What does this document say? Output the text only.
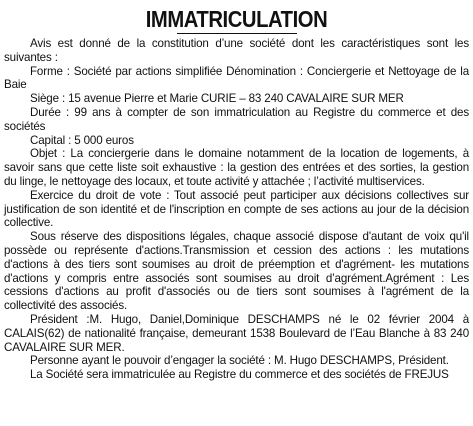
IMMATRICULATION

Avis est donné de la constitution d’une société dont les caractéristiques sont les suivantes :

Forme : Société par actions simplifiée Dénomination : Conciergerie et Nettoyage de la Baie

Siège : 15 avenue Pierre et Marie CURIE – 83 240 CAVALAIRE SUR MER

Durée : 99 ans à compter de son immatriculation au Registre du commerce et des sociétés

Capital : 5 000 euros

Objet : La conciergerie dans le domaine notamment de la location de logements, à savoir sans que cette liste soit exhaustive : la gestion des entrées et des sorties, la gestion du linge, le nettoyage des locaux, et toute activité y attachée ; l’activité multiservices.

Exercice du droit de vote : Tout associé peut participer aux décisions collectives sur justification de son identité et de l'inscription en compte de ses actions au jour de la décision collective.

Sous réserve des dispositions légales, chaque associé dispose d'autant de voix qu'il possède ou représente d'actions.Transmission et cession des actions : les mutations d'actions à des tiers sont soumises au droit de préemption et d'agrément- les mutations d'actions y compris entre associés sont soumises au droit d’agrément.Agrément : Les cessions d'actions au profit d'associés ou de tiers sont soumises à l'agrément de la collectivité des associés.

Président :M. Hugo, Daniel,Dominique DESCHAMPS né le 02 février 2004 à CALAIS(62) de nationalité française, demeurant 1538 Boulevard de l’Eau Blanche à 83 240 CAVALAIRE SUR MER.

Personne ayant le pouvoir d’engager la société : M. Hugo DESCHAMPS, Président.

La Société sera immatriculée au Registre du commerce et des sociétés de FREJUS
